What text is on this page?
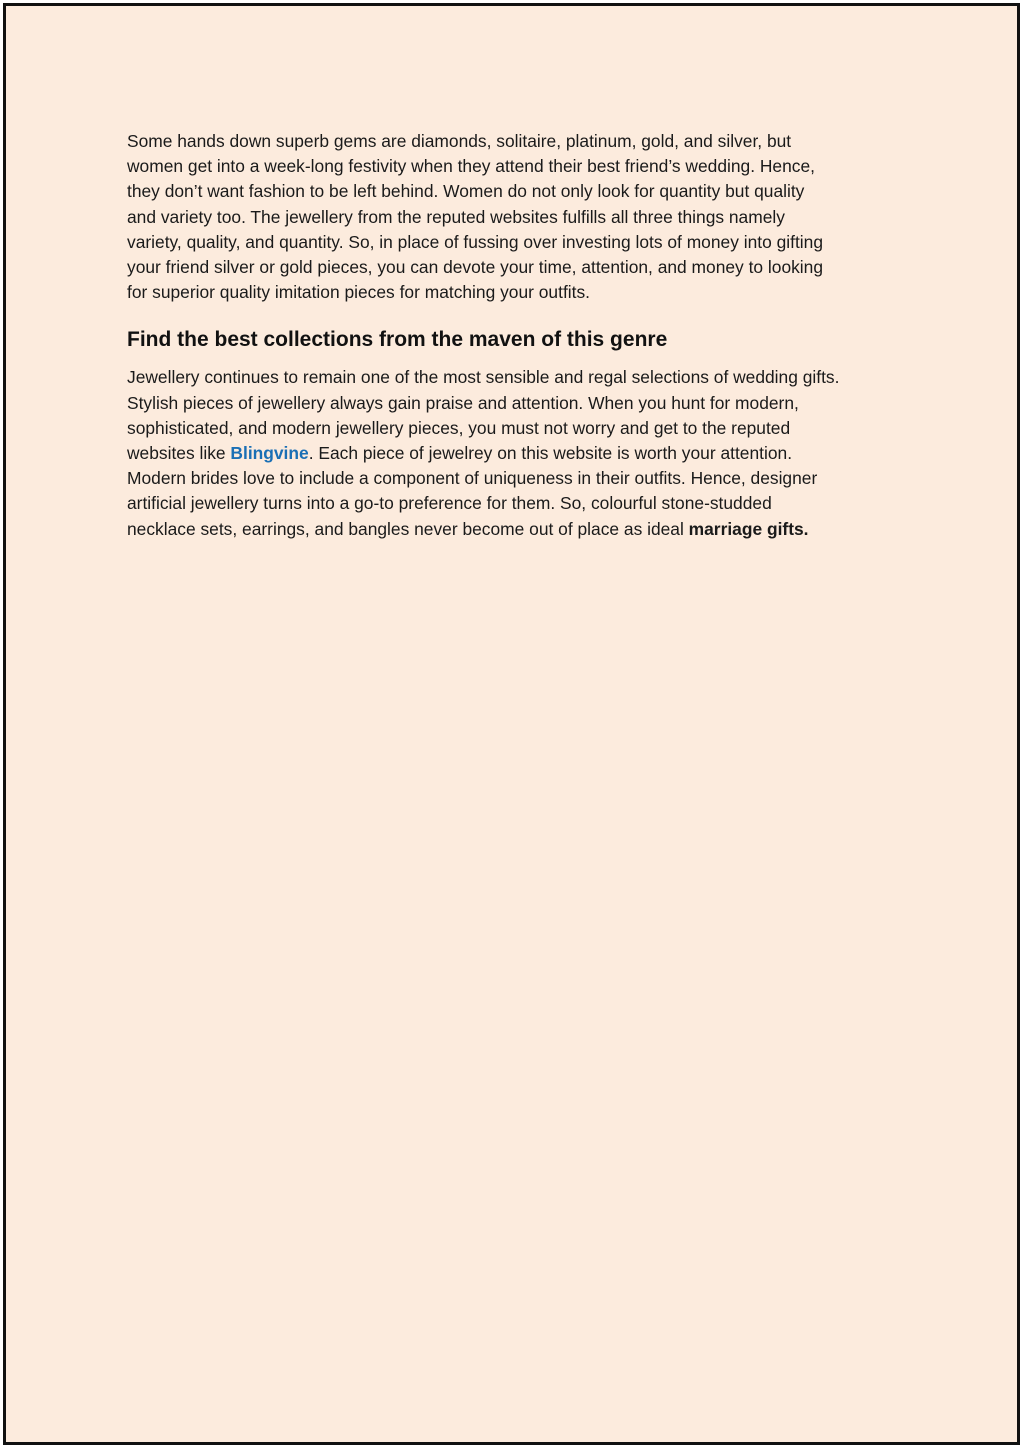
Some hands down superb gems are diamonds, solitaire, platinum, gold, and silver, but
women get into a week-long festivity when they attend their best friend’s wedding. Hence,
they don’t want fashion to be left behind. Women do not only look for quantity but quality
and variety too. The jewellery from the reputed websites fulfills all three things namely
variety, quality, and quantity. So, in place of fussing over investing lots of money into gifting
your friend silver or gold pieces, you can devote your time, attention, and money to looking
for superior quality imitation pieces for matching your outfits.

Find the best collections from the maven of this genre

Jewellery continues to remain one of the most sensible and regal selections of wedding gifts.
Stylish pieces of jewellery always gain praise and attention. When you hunt for modern,
sophisticated, and modern jewellery pieces, you must not worry and get to the reputed
websites like Blingvine. Each piece of jewelrey on this website is worth your attention.
Modern brides love to include a component of uniqueness in their outfits. Hence, designer
artificial jewellery turns into a go-to preference for them. So, colourful stone-studded
necklace sets, earrings, and bangles never become out of place as ideal marriage gifts.
